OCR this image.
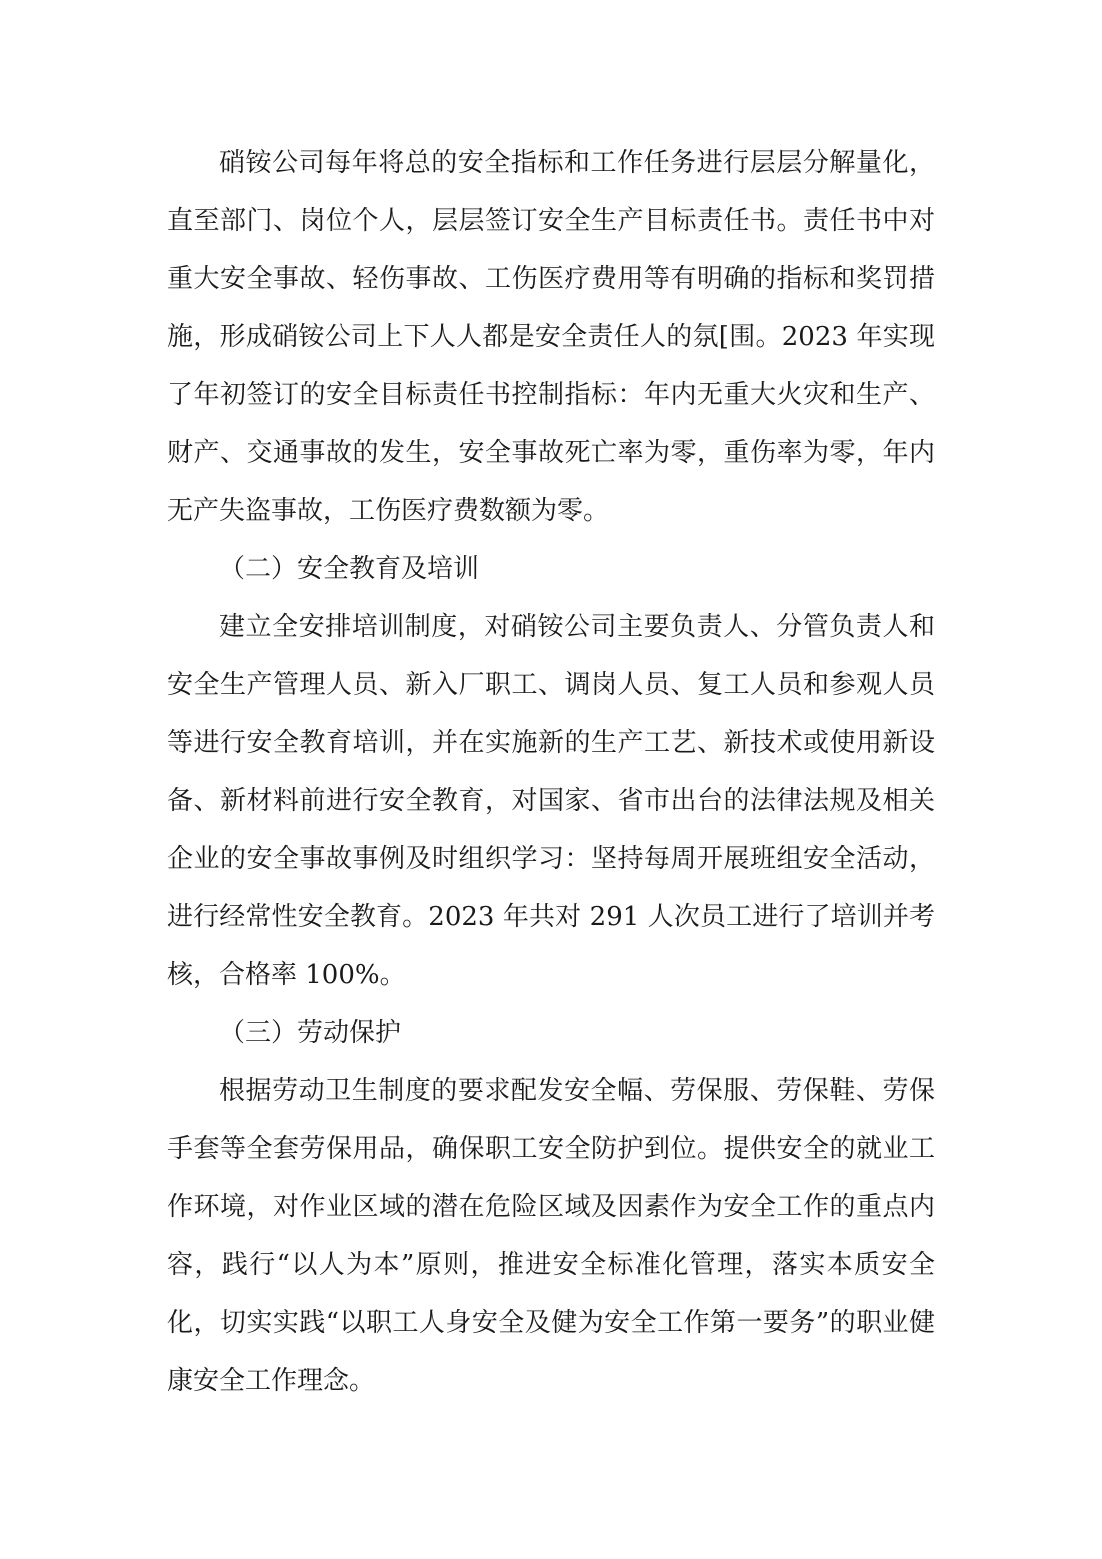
硝铵公司每年将总的安全指标和工作任务进行层层分解量化，直至部门、岗位个人，层层签订安全生产目标责任书。责任书中对重大安全事故、轻伤事故、工伤医疗费用等有明确的指标和奖罚措施，形成硝铵公司上下人人都是安全责任人的氛[围。2023 年实现了年初签订的安全目标责任书控制指标：年内无重大火灾和生产、财产、交通事故的发生，安全事故死亡率为零，重伤率为零，年内无产失盗事故，工伤医疗费数额为零。

（二）安全教育及培训

建立全安排培训制度，对硝铵公司主要负责人、分管负责人和安全生产管理人员、新入厂职工、调岗人员、复工人员和参观人员等进行安全教育培训，并在实施新的生产工艺、新技术或使用新设备、新材料前进行安全教育，对国家、省市出台的法律法规及相关企业的安全事故事例及时组织学习：坚持每周开展班组安全活动，进行经常性安全教育。2023 年共对 291 人次员工进行了培训并考核，合格率 100%。

（三）劳动保护

根据劳动卫生制度的要求配发安全幅、劳保服、劳保鞋、劳保手套等全套劳保用品，确保职工安全防护到位。提供安全的就业工作环境，对作业区域的潜在危险区域及因素作为安全工作的重点内容，践行“以人为本”原则，推进安全标准化管理，落实本质安全化，切实实践“以职工人身安全及健为安全工作第一要务”的职业健康安全工作理念。
